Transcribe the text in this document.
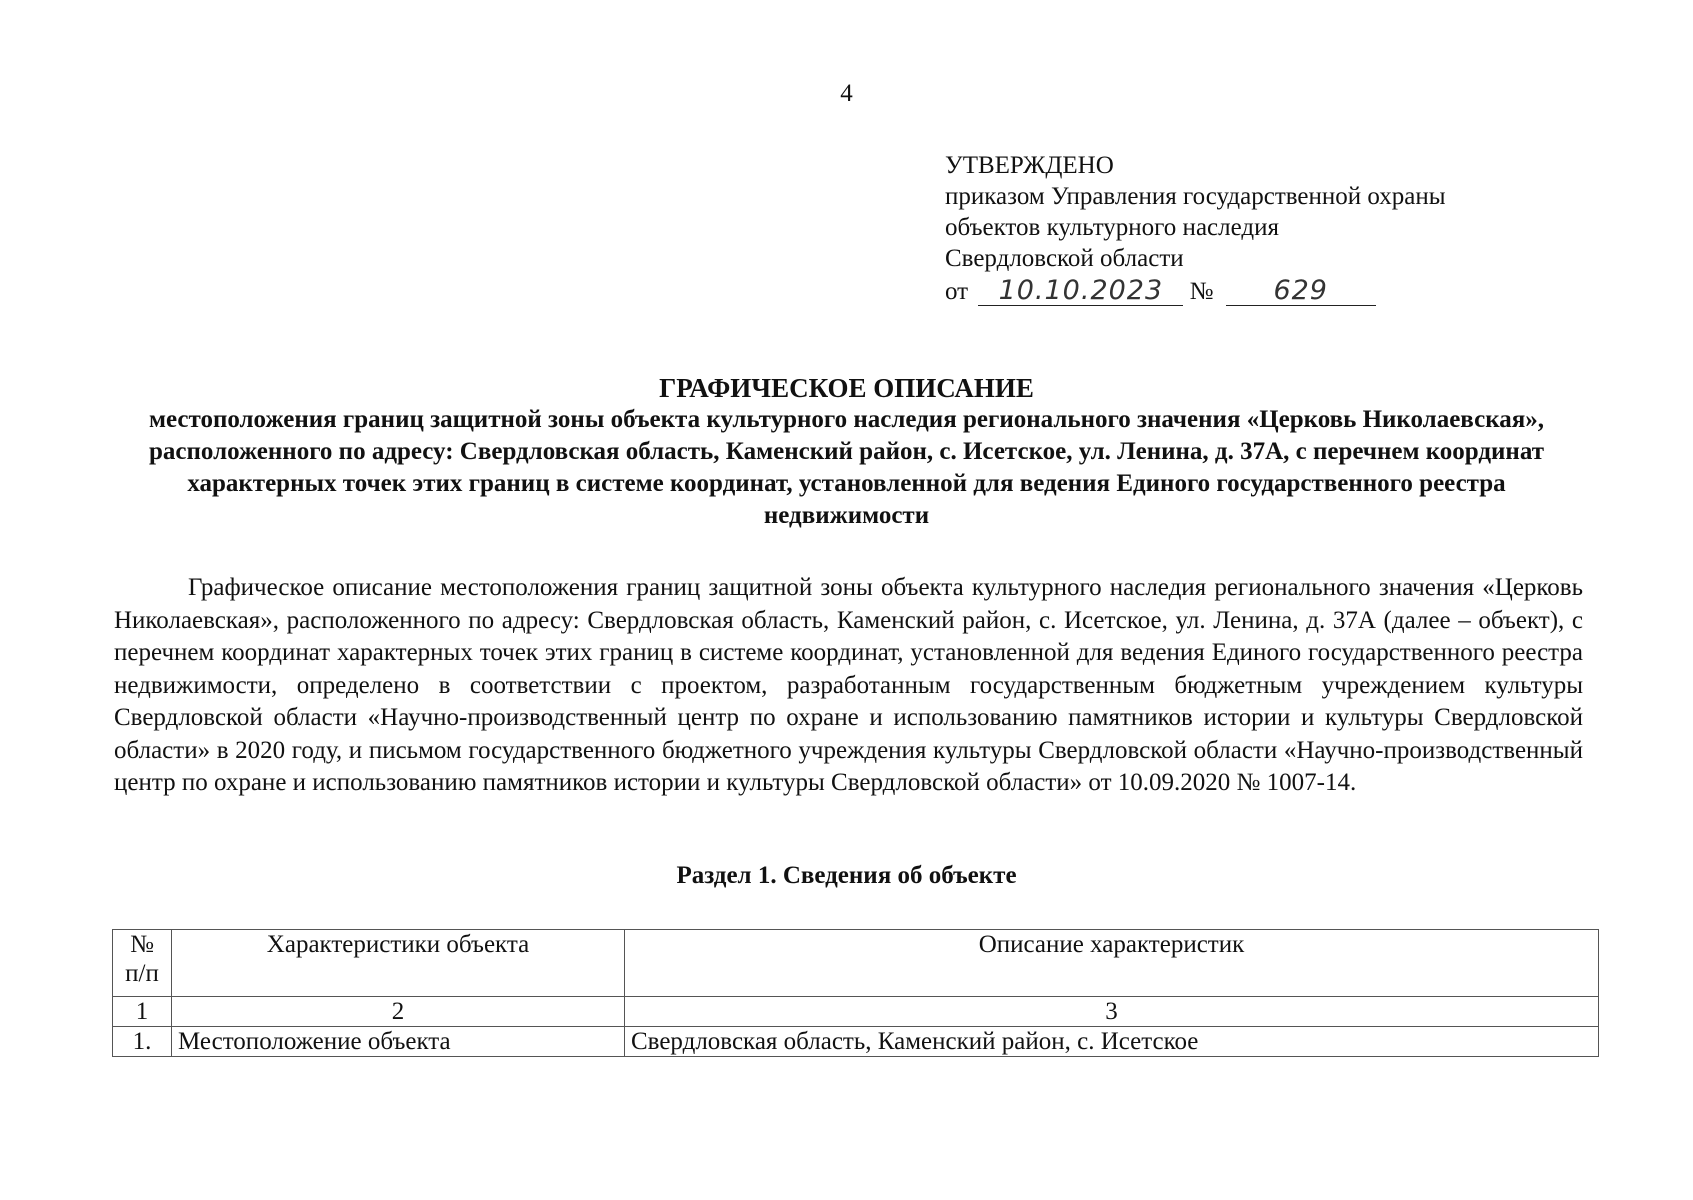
4
УТВЕРЖДЕНО
приказом Управления государственной охраны
объектов культурного наследия
Свердловской области
от 10.10.2023 № 629
ГРАФИЧЕСКОЕ ОПИСАНИЕ
местоположения границ защитной зоны объекта культурного наследия регионального значения «Церковь Николаевская», расположенного по адресу: Свердловская область, Каменский район, с. Исетское, ул. Ленина, д. 37А, с перечнем координат характерных точек этих границ в системе координат, установленной для ведения Единого государственного реестра недвижимости
Графическое описание местоположения границ защитной зоны объекта культурного наследия регионального значения «Церковь Николаевская», расположенного по адресу: Свердловская область, Каменский район, с. Исетское, ул. Ленина, д. 37А (далее – объект), с перечнем координат характерных точек этих границ в системе координат, установленной для ведения Единого государственного реестра недвижимости, определено в соответствии с проектом, разработанным государственным бюджетным учреждением культуры Свердловской области «Научно-производственный центр по охране и использованию памятников истории и культуры Свердловской области» в 2020 году, и письмом государственного бюджетного учреждения культуры Свердловской области «Научно-производственный центр по охране и использованию памятников истории и культуры Свердловской области» от 10.09.2020 № 1007-14.
Раздел 1. Сведения об объекте
№ п/п	Характеристики объекта	Описание характеристик
1	2	3
1.	Местоположение объекта	Свердловская область, Каменский район, с. Исетское
